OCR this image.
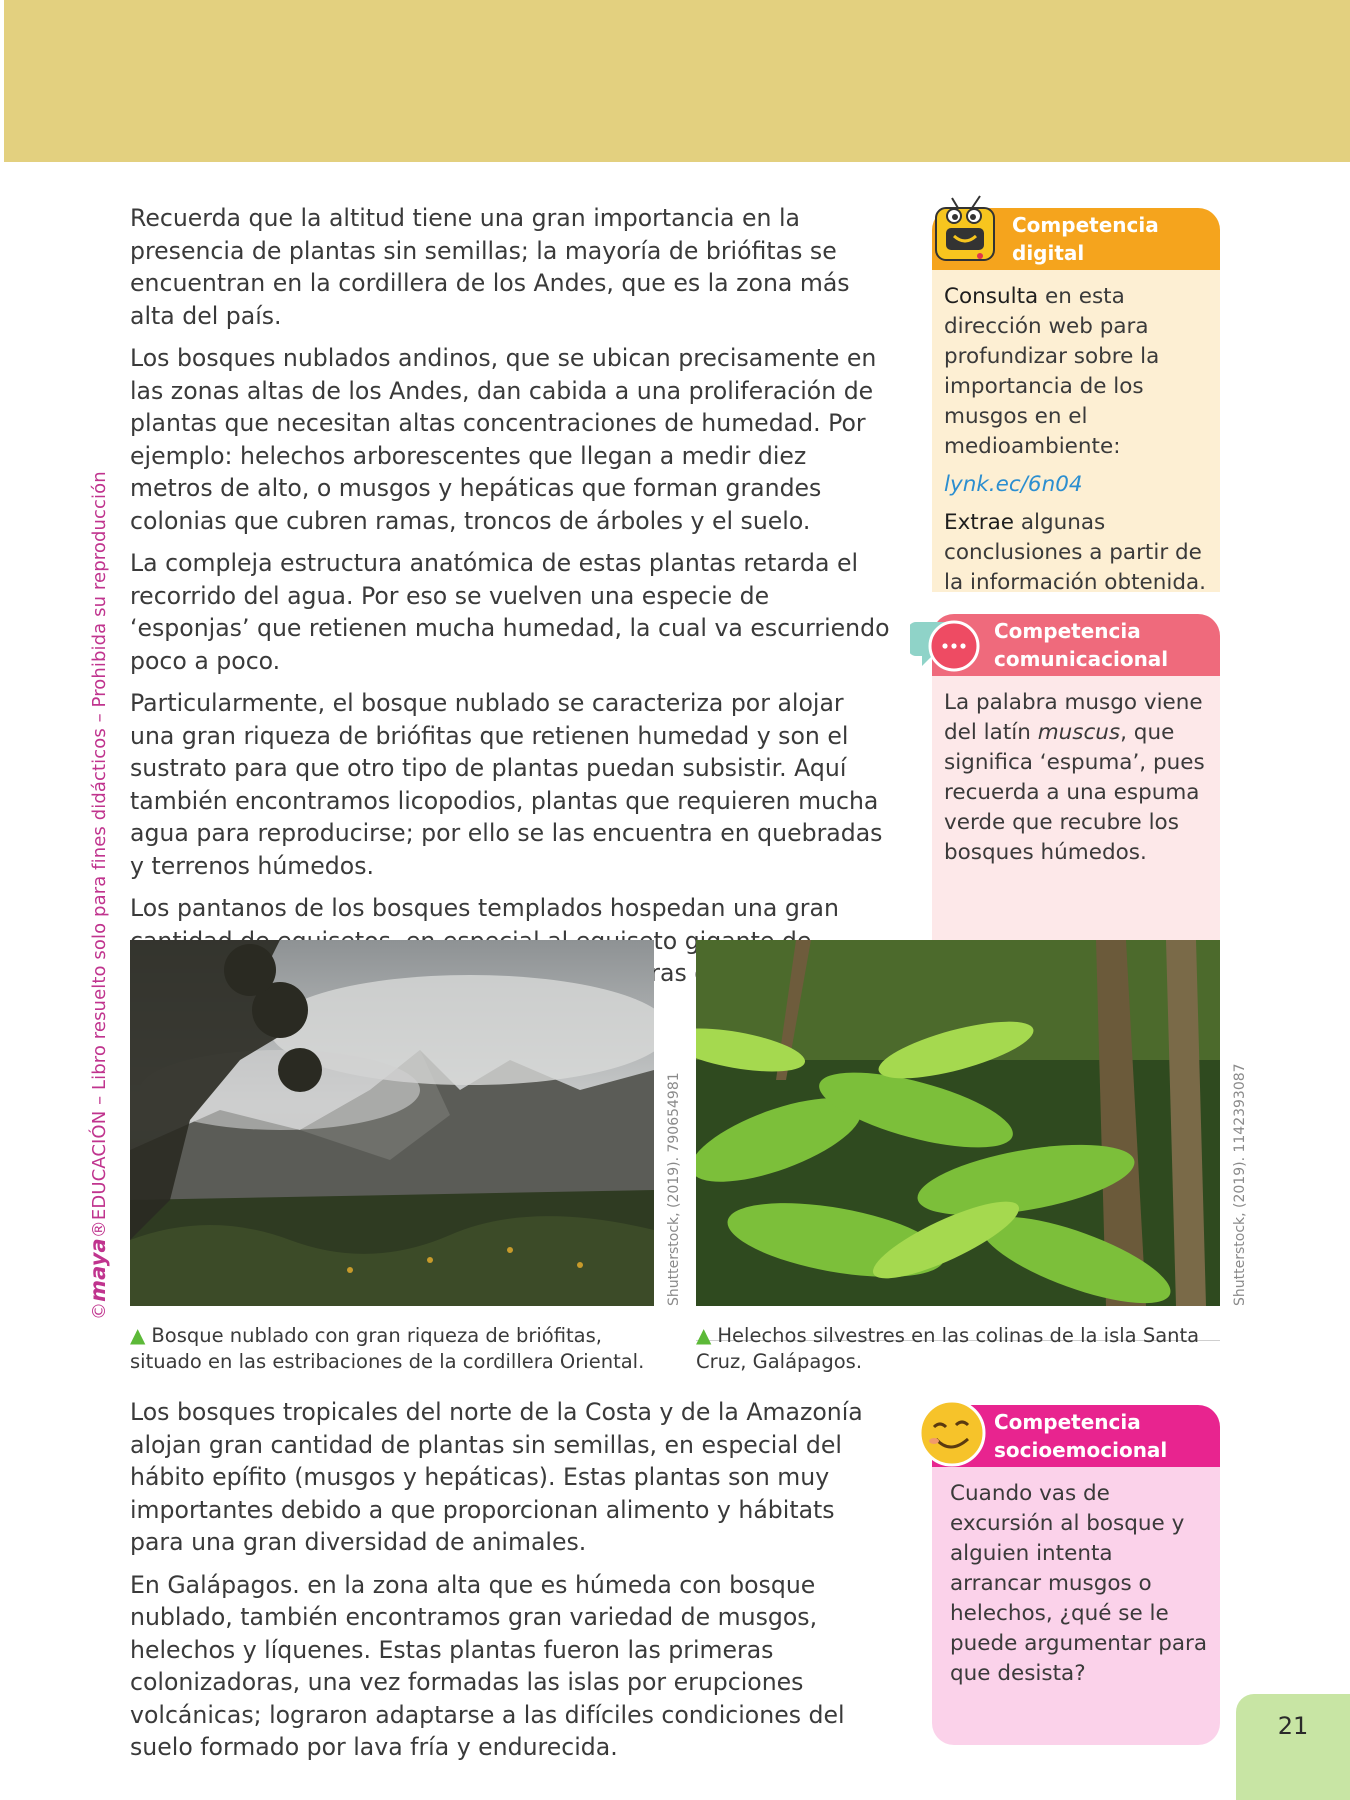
©maya®EDUCACIÓN – Libro resuelto solo para fines didácticos – Prohibida su reproducción

Recuerda que la altitud tiene una gran importancia en la presencia de plantas sin semillas; la mayoría de briófitas se encuentran en la cordillera de los Andes, que es la zona más alta del país.

Los bosques nublados andinos, que se ubican precisamente en las zonas altas de los Andes, dan cabida a una proliferación de plantas que necesitan altas concentraciones de humedad. Por ejemplo: helechos arborescentes que llegan a medir diez metros de alto, o musgos y hepáticas que forman grandes colonias que cubren ramas, troncos de árboles y el suelo.

La compleja estructura anatómica de estas plantas retarda el recorrido del agua. Por eso se vuelven una especie de ‘esponjas’ que retienen mucha humedad, la cual va escurriendo poco a poco.

Particularmente, el bosque nublado se caracteriza por alojar una gran riqueza de briófitas que retienen humedad y son el sustrato para que otro tipo de plantas puedan subsistir. Aquí también encontramos licopodios, plantas que requieren mucha agua para reproducirse; por ello se las encuentra en quebradas y terrenos húmedos.

Los pantanos de los bosques templados hospedan una gran raras

Competencia
digital

Consulta en esta dirección web para profundizar sobre la importancia de los musgos en el medioambiente:

lynk.ec/6n04

Extrae algunas conclusiones a partir de la información obtenida.

Competencia
comunicacional

La palabra musgo viene del latín muscus, que significa ‘espuma’, pues recuerda a una espuma verde que recubre los bosques húmedos.

Shutterstock, (2019). 790654981	Shutterstock, (2019). 1142393087
▲ Bosque nublado con gran riqueza de briófitas, situado en las estribaciones de la cordillera Oriental.
▲ Helechos silvestres en las colinas de la isla Santa Cruz, Galápagos.

Los bosques tropicales del norte de la Costa y de la Amazonía alojan gran cantidad de plantas sin semillas, en especial del hábito epífito (musgos y hepáticas). Estas plantas son muy importantes debido a que proporcionan alimento y hábitats para una gran diversidad de animales.

En Galápagos. en la zona alta que es húmeda con bosque nublado, también encontramos gran variedad de musgos, helechos y líquenes. Estas plantas fueron las primeras colonizadoras, una vez formadas las islas por erupciones volcánicas; lograron adaptarse a las difíciles condiciones del suelo formado por lava fría y endurecida.

Competencia
socioemocional

Cuando vas de excursión al bosque y alguien intenta arrancar musgos o helechos, ¿qué se le puede argumentar para que desista?

21
